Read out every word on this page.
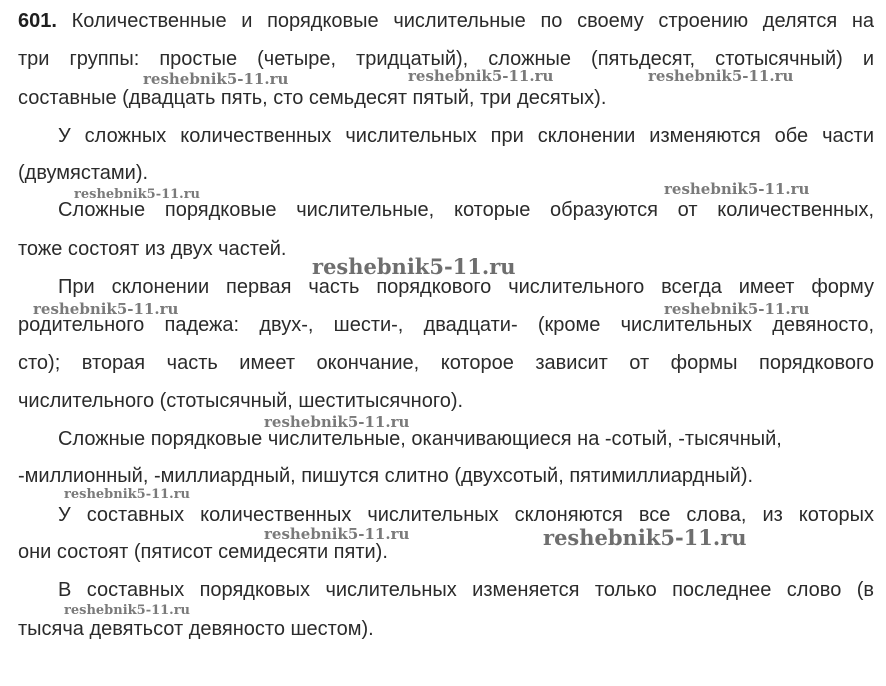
601. Количественные и порядковые числительные по своему строению делятся на

три группы: простые (четыре, тридцатый), сложные (пятьдесят, стотысячный) и

составные (двадцать пять, сто семьдесят пятый, три десятых).

У сложных количественных числительных при склонении изменяются обе части

(двумястами).

Сложные порядковые числительные, которые образуются от количественных,

тоже состоят из двух частей.

При склонении первая часть порядкового числительного всегда имеет форму

родительного падежа: двух-, шести-, двадцати- (кроме числительных девяносто,

сто); вторая часть имеет окончание, которое зависит от формы порядкового

числительного (стотысячный, шеститысячного).

Сложные порядковые числительные, оканчивающиеся на -сотый, -тысячный,

-миллионный, -миллиардный, пишутся слитно (двухсотый, пятимиллиардный).

У составных количественных числительных склоняются все слова, из которых

они состоят (пятисот семидесяти пяти).

В составных порядковых числительных изменяется только последнее слово (в

тысяча девятьсот девяносто шестом).

reshebnik5-11.ru	reshebnik5-11.ru	reshebnik5-11.ru
reshebnik5-11.ru	reshebnik5-11.ru
reshebnik5-11.ru
reshebnik5-11.ru	reshebnik5-11.ru
reshebnik5-11.ru
reshebnik5-11.ru
reshebnik5-11.ru	reshebnik5-11.ru
reshebnik5-11.ru
